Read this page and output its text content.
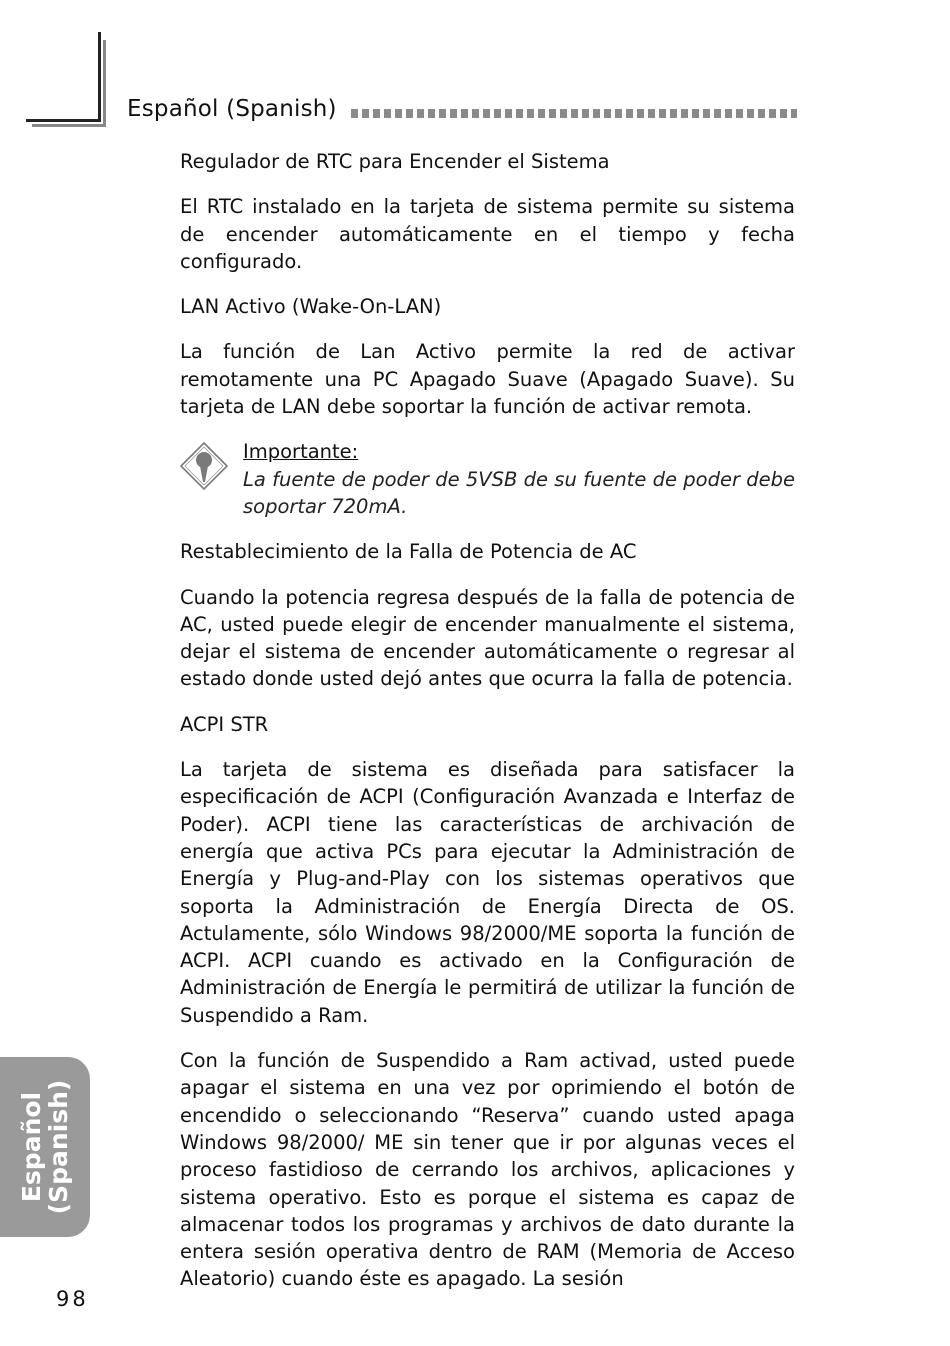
Español (Spanish)
Regulador de RTC para Encender el Sistema

El RTC instalado en la tarjeta de sistema permite su sistema de encender automáticamente en el tiempo y fecha configurado.

LAN Activo (Wake-On-LAN)

La función de Lan Activo permite la red de activar remotamente una PC Apagado Suave (Apagado Suave). Su tarjeta de LAN debe soportar la función de activar remota.

Importante:
La fuente de poder de 5VSB de su fuente de poder debe soportar 720mA.
Restablecimiento de la Falla de Potencia de AC

Cuando la potencia regresa después de la falla de potencia de AC, usted puede elegir de encender manualmente el sistema, dejar el sistema de encender automáticamente o regresar al estado donde usted dejó antes que ocurra la falla de potencia.

ACPI STR

La tarjeta de sistema es diseñada para satisfacer la especificación de ACPI (Configuración Avanzada e Interfaz de Poder). ACPI tiene las características de archivación de energía que activa PCs para ejecutar la Administración de Energía y Plug-and-Play con los sistemas operativos que soporta la Administración de Energía Directa de OS. Actulamente, sólo Windows 98/2000/ME soporta la función de ACPI. ACPI cuando es activado en la Configuración de Administración de Energía le permitirá de utilizar la función de Suspendido a Ram.

Con la función de Suspendido a Ram activad, usted puede apagar el sistema en una vez por oprimiendo el botón de encendido o seleccionando “Reserva” cuando usted apaga Windows 98/2000/ ME sin tener que ir por algunas veces el proceso fastidioso de cerrando los archivos, aplicaciones y sistema operativo. Esto es porque el sistema es capaz de almacenar todos los programas y archivos de dato durante la entera sesión operativa dentro de RAM (Memoria de Acceso Aleatorio) cuando éste es apagado. La sesión

Español
(Spanish)
98
